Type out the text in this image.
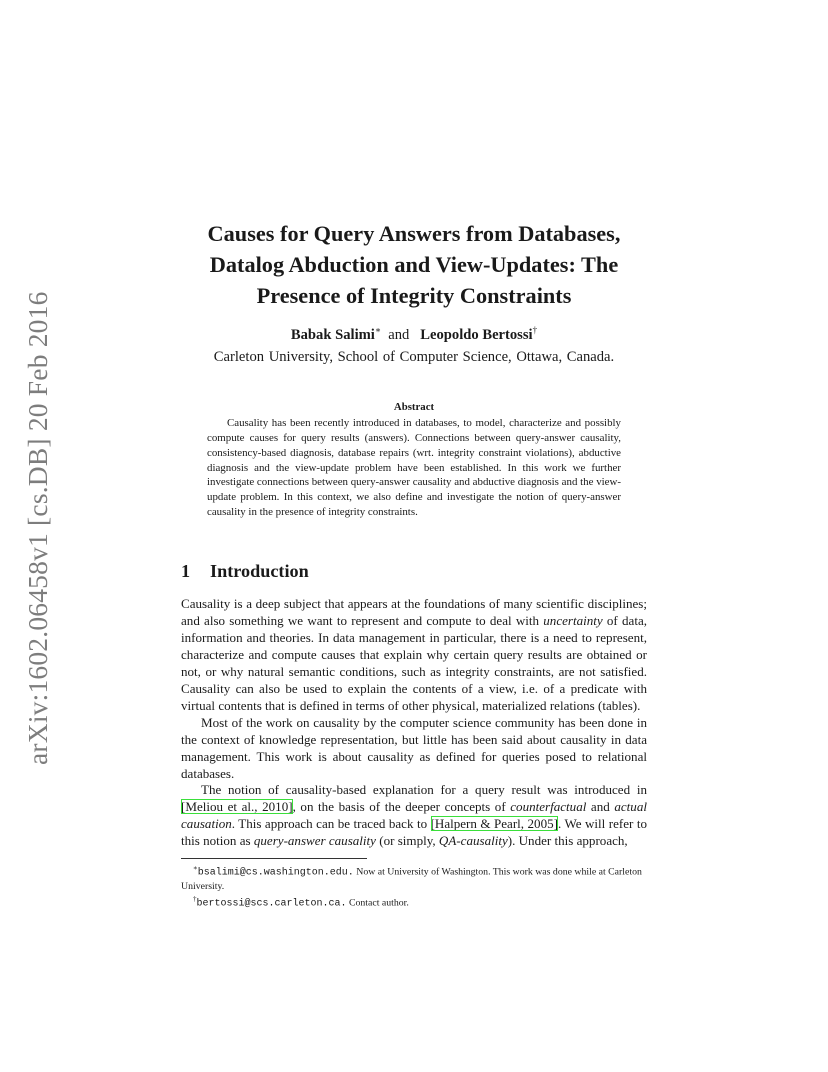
arXiv:1602.06458v1 [cs.DB] 20 Feb 2016
Causes for Query Answers from Databases,
Datalog Abduction and View-Updates: The
Presence of Integrity Constraints
Babak Salimi∗ and Leopoldo Bertossi†
Carleton University, School of Computer Science, Ottawa, Canada.
Abstract

Causality has been recently introduced in databases, to model, characterize and possibly compute causes for query results (answers). Connections between query-answer causality, consistency-based diagnosis, database repairs (wrt. integrity constraint violations), abductive diagnosis and the view-update problem have been established. In this work we further investigate connections between query-answer causality and abductive diagnosis and the view-update problem. In this context, we also define and investigate the notion of query-answer causality in the presence of integrity constraints.

1 Introduction

Causality is a deep subject that appears at the foundations of many scientific disciplines; and also something we want to represent and compute to deal with uncertainty of data, information and theories. In data management in particular, there is a need to represent, characterize and compute causes that explain why certain query results are obtained or not, or why natural semantic conditions, such as integrity constraints, are not satisfied. Causality can also be used to explain the contents of a view, i.e. of a predicate with virtual contents that is defined in terms of other physical, materialized relations (tables).

Most of the work on causality by the computer science community has been done in the context of knowledge representation, but little has been said about causality in data management. This work is about causality as defined for queries posed to relational databases.

The notion of causality-based explanation for a query result was introduced in [Meliou et al., 2010], on the basis of the deeper concepts of counterfactual and actual causation. This approach can be traced back to [Halpern & Pearl, 2005]. We will refer to this notion as query-answer causality (or simply, QA-causality). Under this approach,

∗bsalimi@cs.washington.edu. Now at University of Washington. This work was done while at Carleton University.

†bertossi@scs.carleton.ca. Contact author.
